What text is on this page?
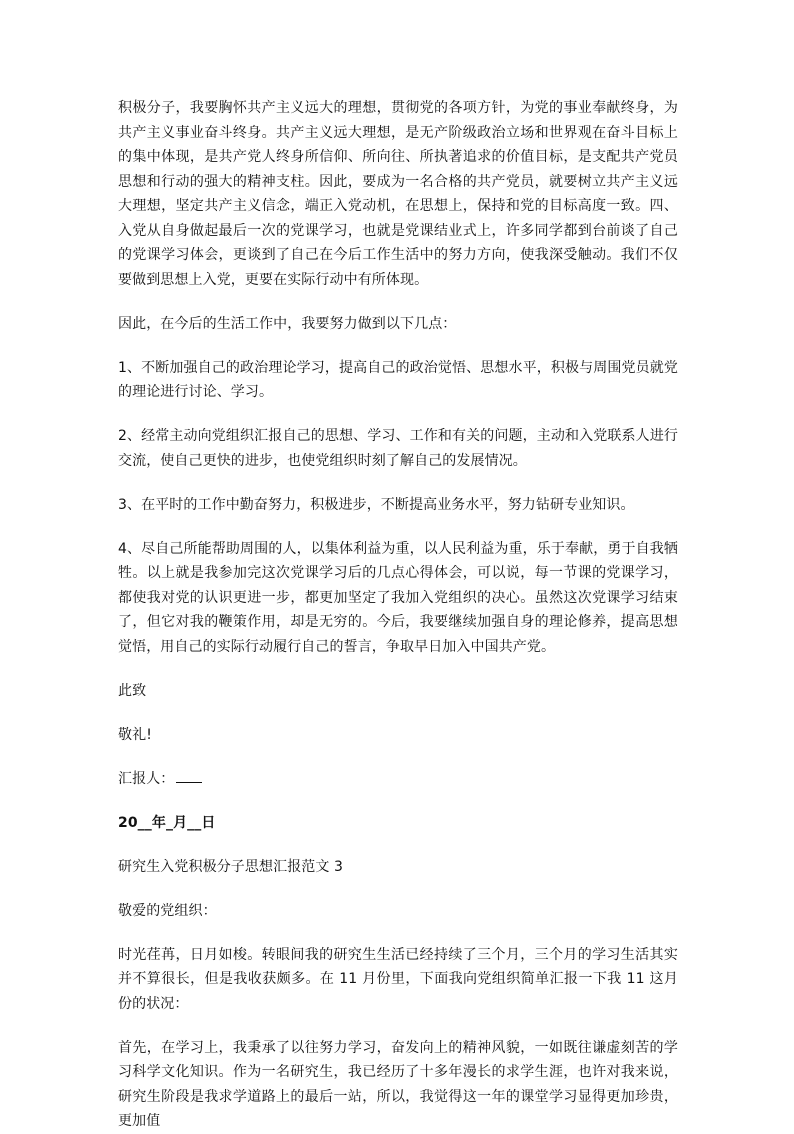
积极分子，我要胸怀共产主义远大的理想，贯彻党的各项方针，为党的事业奉献终身，为共产主义事业奋斗终身。共产主义远大理想，是无产阶级政治立场和世界观在奋斗目标上的集中体现，是共产党人终身所信仰、所向往、所执著追求的价值目标，是支配共产党员思想和行动的强大的精神支柱。因此，要成为一名合格的共产党员，就要树立共产主义远大理想，坚定共产主义信念，端正入党动机，在思想上，保持和党的目标高度一致。四、入党从自身做起最后一次的党课学习，也就是党课结业式上，许多同学都到台前谈了自己的党课学习体会，更谈到了自己在今后工作生活中的努力方向，使我深受触动。我们不仅要做到思想上入党，更要在实际行动中有所体现。

因此，在今后的生活工作中，我要努力做到以下几点：

1、不断加强自己的政治理论学习，提高自己的政治觉悟、思想水平，积极与周围党员就党的理论进行讨论、学习。

2、经常主动向党组织汇报自己的思想、学习、工作和有关的问题，主动和入党联系人进行交流，使自己更快的进步，也使党组织时刻了解自己的发展情况。

3、在平时的工作中勤奋努力，积极进步，不断提高业务水平，努力钻研专业知识。

4、尽自己所能帮助周围的人，以集体利益为重，以人民利益为重，乐于奉献，勇于自我牺牲。以上就是我参加完这次党课学习后的几点心得体会，可以说，每一节课的党课学习，都使我对党的认识更进一步，都更加坚定了我加入党组织的决心。虽然这次党课学习结束了，但它对我的鞭策作用，却是无穷的。今后，我要继续加强自身的理论修养，提高思想觉悟，用自己的实际行动履行自己的誓言，争取早日加入中国共产党。

此致

敬礼!

汇报人：

20__年_月__日

研究生入党积极分子思想汇报范文 3

敬爱的党组织：

时光荏苒，日月如梭。转眼间我的研究生生活已经持续了三个月，三个月的学习生活其实并不算很长，但是我收获颇多。在 11 月份里，下面我向党组织简单汇报一下我 11 这月份的状况：

首先，在学习上，我秉承了以往努力学习，奋发向上的精神风貌，一如既往谦虚刻苦的学习科学文化知识。作为一名研究生，我已经历了十多年漫长的求学生涯，也许对我来说，研究生阶段是我求学道路上的最后一站，所以，我觉得这一年的课堂学习显得更加珍贵，更加值
